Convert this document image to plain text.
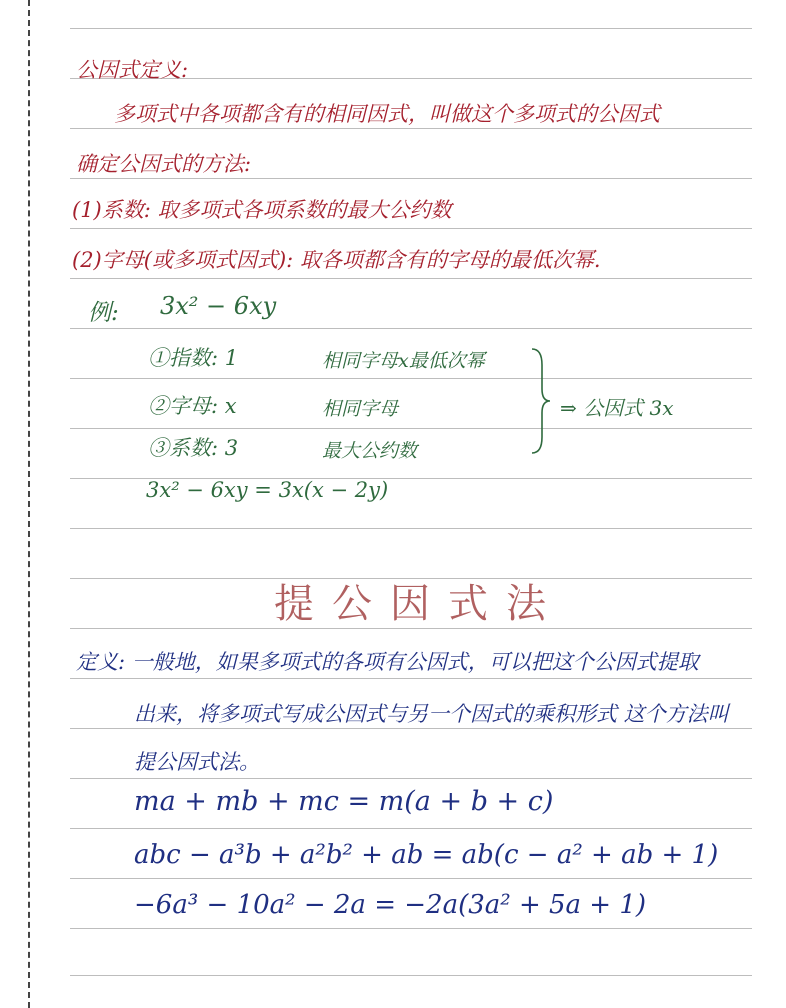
公因式定义:
多项式中各项都含有的相同因式，叫做这个多项式的公因式
确定公因式的方法:
(1)系数: 取多项式各项系数的最大公约数
(2)字母(或多项式因式): 取各项都含有的字母的最低次幂.
例: 3x² − 6xy
①指数: 1	相同字母x最低次幂
②字母: x	相同字母
③系数: 3	最大公约数
⇒ 公因式 3x
3x² − 6xy = 3x(x − 2y)
提公因式法
定义: 一般地，如果多项式的各项有公因式，可以把这个公因式提取
出来，将多项式写成公因式与另一个因式的乘积形式 这个方法叫
提公因式法。
ma + mb + mc = m(a + b + c)
abc − a³b + a²b² + ab = ab(c − a² + ab + 1)
−6a³ − 10a² − 2a = −2a(3a² + 5a + 1)
